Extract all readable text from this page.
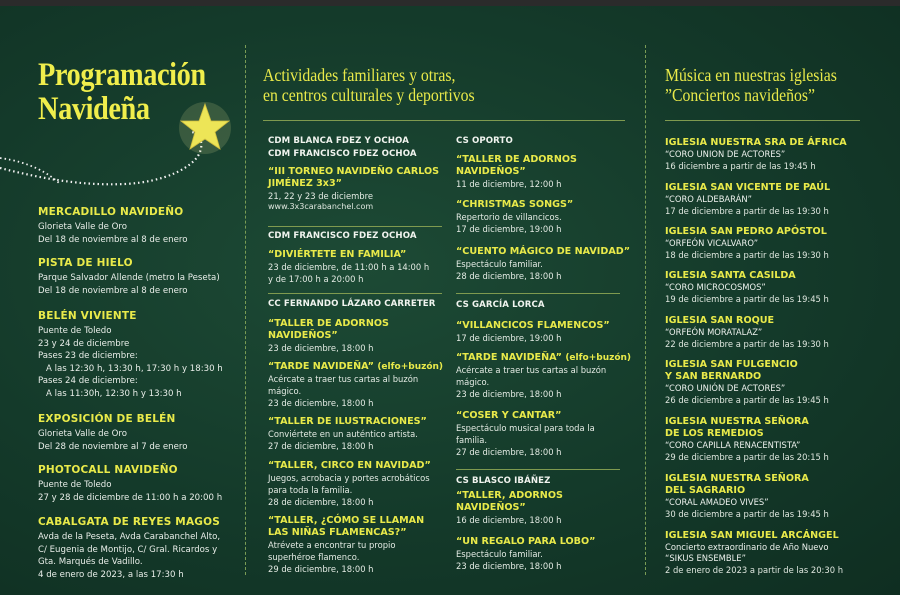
Programación
Navideña
MERCADILLO NAVIDEÑO
Glorieta Valle de Oro
Del 18 de noviembre al 8 de enero
PISTA DE HIELO
Parque Salvador Allende (metro la Peseta)
Del 18 de noviembre al 8 de enero
BELÉN VIVIENTE
Puente de Toledo
23 y 24 de diciembre
Pases 23 de diciembre:
A las 12:30 h, 13:30 h, 17:30 h y 18:30 h
Pases 24 de diciembre:
A las 11:30h, 12:30 h y 13:30 h
EXPOSICIÓN DE BELÉN
Glorieta Valle de Oro
Del 28 de noviembre al 7 de enero
PHOTOCALL NAVIDEÑO
Puente de Toledo
27 y 28 de diciembre de 11:00 h a 20:00 h
CABALGATA DE REYES MAGOS
Avda de la Peseta, Avda Carabanchel Alto,
C/ Eugenia de Montijo, C/ Gral. Ricardos y
Gta. Marqués de Vadillo.
4 de enero de 2023, a las 17:30 h
Actividades familiares y otras,
en centros culturales y deportivos
CDM BLANCA FDEZ Y OCHOA
CDM FRANCISCO FDEZ OCHOA
“III TORNEO NAVIDEÑO CARLOS
JIMÉNEZ 3x3”
21, 22 y 23 de diciembre
www.3x3carabanchel.com
CDM FRANCISCO FDEZ OCHOA
“DIVIÉRTETE EN FAMILIA”
23 de diciembre, de 11:00 h a 14:00 h
y de 17:00 h a 20:00 h
CC FERNANDO LÁZARO CARRETER
“TALLER DE ADORNOS
NAVIDEÑOS”
23 de diciembre, 18:00 h
“TARDE NAVIDEÑA” (elfo+buzón)
Acércate a traer tus cartas al buzón
mágico.
23 de diciembre, 18:00 h
“TALLER DE ILUSTRACIONES”
Conviértete en un auténtico artista.
27 de diciembre, 18:00 h
“TALLER, CIRCO EN NAVIDAD”
Juegos, acrobacia y portes acrobáticos
para toda la familia.
28 de diciembre, 18:00 h
“TALLER, ¿CÓMO SE LLAMAN
LAS NIÑAS FLAMENCAS?”
Atrévete a encontrar tu propio
superhéroe flamenco.
29 de diciembre, 18:00 h
CS OPORTO
“TALLER DE ADORNOS
NAVIDEÑOS”
11 de diciembre, 12:00 h
“CHRISTMAS SONGS”
Repertorio de villancicos.
17 de diciembre, 19:00 h
“CUENTO MÁGICO DE NAVIDAD”
Espectáculo familiar.
28 de diciembre, 18:00 h
CS GARCÍA LORCA
“VILLANCICOS FLAMENCOS”
17 de diciembre, 19:00 h
“TARDE NAVIDEÑA” (elfo+buzón)
Acércate a traer tus cartas al buzón
mágico.
23 de diciembre, 18:00 h
“COSER Y CANTAR”
Espectáculo musical para toda la
familia.
27 de diciembre, 18:00 h
CS BLASCO IBÁÑEZ
“TALLER, ADORNOS
NAVIDEÑOS”
16 de diciembre, 18:00 h
“UN REGALO PARA LOBO”
Espectáculo familiar.
23 de diciembre, 18:00 h
Música en nuestras iglesias
”Conciertos navideños”
IGLESIA NUESTRA SRA DE ÁFRICA
“CORO UNION DE ACTORES”
16 diciembre a partir de las 19:45 h
IGLESIA SAN VICENTE DE PAÚL
“CORO ALDEBARÁN”
17 de diciembre a partir de las 19:30 h
IGLESIA SAN PEDRO APÓSTOL
“ORFEÓN VICALVARO”
18 de diciembre a partir de las 19:30 h
IGLESIA SANTA CASILDA
“CORO MICROCOSMOS”
19 de diciembre a partir de las 19:45 h
IGLESIA SAN ROQUE
“ORFEÓN MORATALAZ”
22 de diciembre a partir de las 19:30 h
IGLESIA SAN FULGENCIO
Y SAN BERNARDO
“CORO UNIÓN DE ACTORES”
26 de diciembre a partir de las 19:45 h
IGLESIA NUESTRA SEÑORA
DE LOS REMEDIOS
“CORO CAPILLA RENACENTISTA”
29 de diciembre a partir de las 20:15 h
IGLESIA NUESTRA SEÑORA
DEL SAGRARIO
“CORAL AMADEO VIVES”
30 de diciembre a partir de las 19:45 h
IGLESIA SAN MIGUEL ARCÁNGEL
Concierto extraordinario de Año Nuevo
“SIKUS ENSEMBLE”
2 de enero de 2023 a partir de las 20:30 h
